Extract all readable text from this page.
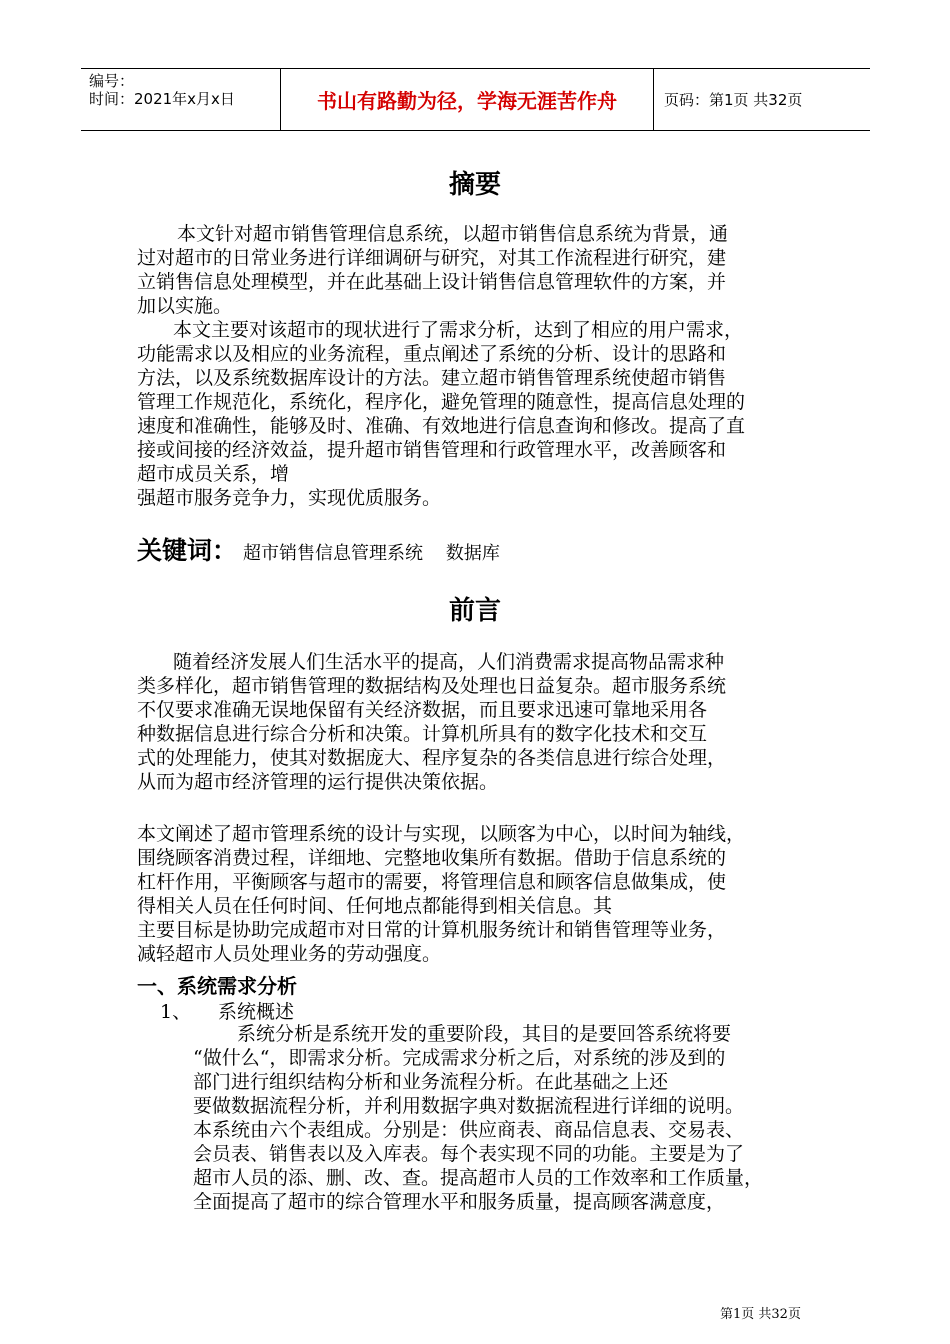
编号：
时间：2021年x月x日	书山有路勤为径，学海无涯苦作舟	页码：第1页 共32页
摘要
本文针对超市销售管理信息系统，以超市销售信息系统为背景，通
过对超市的日常业务进行详细调研与研究，对其工作流程进行研究，建
立销售信息处理模型，并在此基础上设计销售信息管理软件的方案，并
加以实施。
本文主要对该超市的现状进行了需求分析，达到了相应的用户需求，
功能需求以及相应的业务流程，重点阐述了系统的分析、设计的思路和
方法，以及系统数据库设计的方法。建立超市销售管理系统使超市销售
管理工作规范化，系统化，程序化，避免管理的随意性，提高信息处理的
速度和准确性，能够及时、准确、有效地进行信息查询和修改。提高了直
接或间接的经济效益，提升超市销售管理和行政管理水平，改善顾客和
超市成员关系，增
强超市服务竞争力，实现优质服务。
关键词： 超市销售信息管理系统    数据库
前言
随着经济发展人们生活水平的提高，人们消费需求提高物品需求种
类多样化，超市销售管理的数据结构及处理也日益复杂。超市服务系统
不仅要求准确无误地保留有关经济数据，而且要求迅速可靠地采用各
种数据信息进行综合分析和决策。计算机所具有的数字化技术和交互
式的处理能力，使其对数据庞大、程序复杂的各类信息进行综合处理，
从而为超市经济管理的运行提供决策依据。
本文阐述了超市管理系统的设计与实现，以顾客为中心，以时间为轴线，
围绕顾客消费过程，详细地、完整地收集所有数据。借助于信息系统的
杠杆作用，平衡顾客与超市的需要，将管理信息和顾客信息做集成，使
得相关人员在任何时间、任何地点都能得到相关信息。其
主要目标是协助完成超市对日常的计算机服务统计和销售管理等业务，
减轻超市人员处理业务的劳动强度。
一、系统需求分析
1、 系统概述
系统分析是系统开发的重要阶段，其目的是要回答系统将要
“做什么“，即需求分析。完成需求分析之后，对系统的涉及到的
部门进行组织结构分析和业务流程分析。在此基础之上还
要做数据流程分析，并利用数据字典对数据流程进行详细的说明。
本系统由六个表组成。分别是：供应商表、商品信息表、交易表、
会员表、销售表以及入库表。每个表实现不同的功能。主要是为了
超市人员的添、删、改、查。提高超市人员的工作效率和工作质量，
全面提高了超市的综合管理水平和服务质量，提高顾客满意度，
第1页 共32页
